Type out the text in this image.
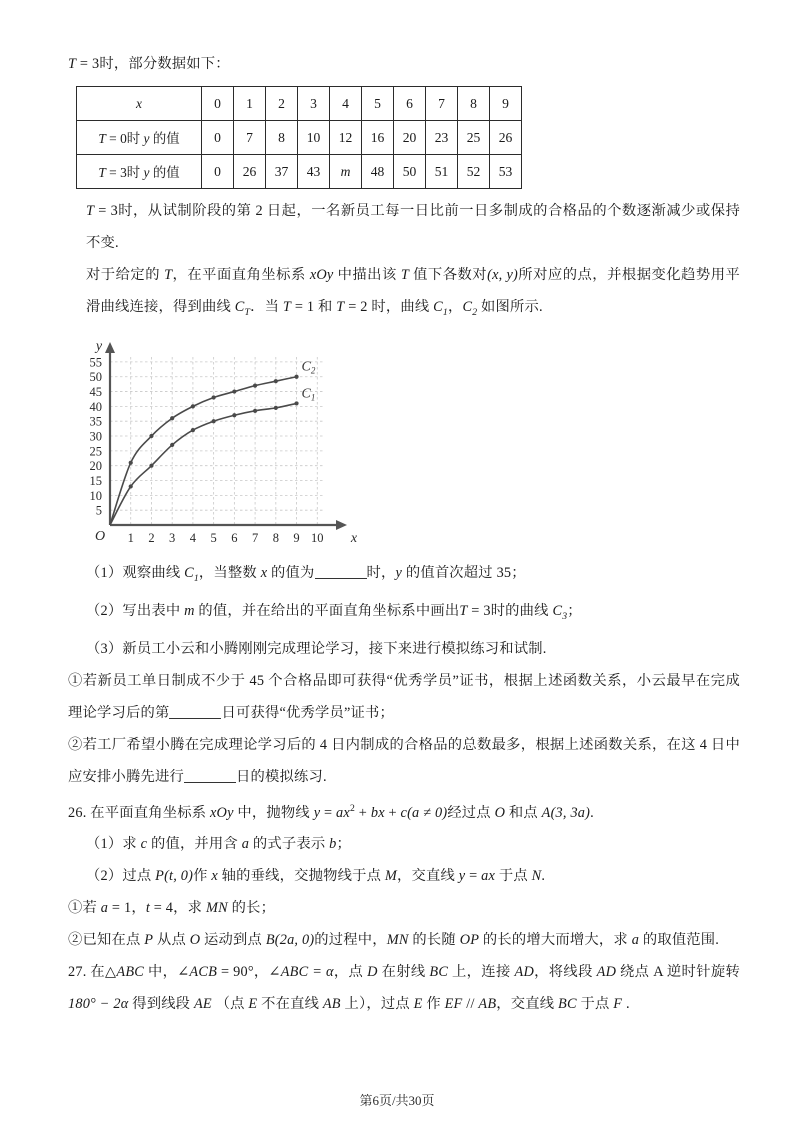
T = 3时，部分数据如下：

x	0	1	2	3	4	5	6	7	8	9
T = 0时 y 的值	0	7	8	10	12	16	20	23	25	26
T = 3时 y 的值	0	26	37	43	m	48	50	51	52	53

T = 3时，从试制阶段的第 2 日起，一名新员工每一日比前一日多制成的合格品的个数逐渐减少或保持不变.

对于给定的 T，在平面直角坐标系 xOy 中描出该 T 值下各数对(x, y)所对应的点，并根据变化趋势用平滑曲线连接，得到曲线 $C_T$．当 T = 1 和 T = 2 时，曲线 $C_1$，$C_2$ 如图所示.

5
10
15
20
25
30
35
40
45
50
55
1 2 3 4 5 6 7 8 9 10 x
y
O
$C_2$
$C_1$

（1）观察曲线 $C_1$，当整数 x 的值为	时，y 的值首次超过 35；

（2）写出表中 m 的值，并在给出的平面直角坐标系中画出T = 3时的曲线 $C_3$；

（3）新员工小云和小腾刚刚完成理论学习，接下来进行模拟练习和试制.

①若新员工单日制成不少于 45 个合格品即可获得“优秀学员”证书，根据上述函数关系，小云最早在完成理论学习后的第	日可获得“优秀学员”证书；

②若工厂希望小腾在完成理论学习后的 4 日内制成的合格品的总数最多，根据上述函数关系，在这 4 日中应安排小腾先进行	日的模拟练习.

26. 在平面直角坐标系 xOy 中，抛物线 $y = ax^2$ + bx + c(a ≠ 0)经过点 O 和点 A(3, 3a).

（1）求 c 的值，并用含 a 的式子表示 b；

（2）过点 P(t, 0)作 x 轴的垂线，交抛物线于点 M，交直线 y = ax 于点 N.

①若 a = 1，t = 4，求 MN 的长；

②已知在点 P 从点 O 运动到点 B(2a, 0)的过程中，MN 的长随 OP 的长的增大而增大，求 a 的取值范围.

27. 在△ABC 中，∠ACB = 90°，∠ABC = α，点 D 在射线 BC 上，连接 AD，将线段 AD 绕点 A 逆时针旋转180° − 2α 得到线段 AE （点 E 不在直线 AB 上），过点 E 作 EF // AB，交直线 BC 于点 F .

第6页/共30页
